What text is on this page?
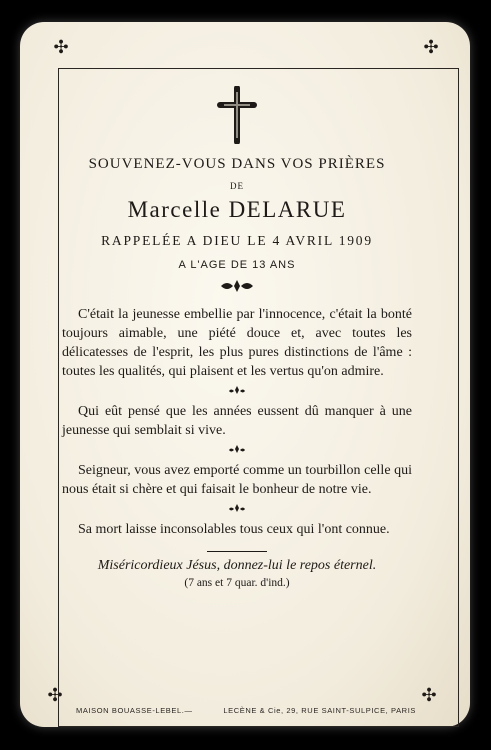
✣	✣
✣	✣
SOUVENEZ-VOUS DANS VOS PRIÈRES
DE
Marcelle DELARUE
RAPPELÉE A DIEU LE 4 AVRIL 1909
A L'AGE DE 13 ANS

C'était la jeunesse embellie par l'innocence, c'était la bonté toujours aimable, une piété douce et, avec toutes les délicatesses de l'esprit, les plus pures distinctions de l'âme : toutes les qualités, qui plaisent et les vertus qu'on admire.

Qui eût pensé que les années eussent dû manquer à une jeunesse qui semblait si vive.

Seigneur, vous avez emporté comme un tourbillon celle qui nous était si chère et qui faisait le bonheur de notre vie.

Sa mort laisse inconsolables tous ceux qui l'ont connue.

Miséricordieux Jésus, donnez-lui le repos éternel.
(7 ans et 7 quar. d'ind.)
MAISON BOUASSE-LEBEL.—	LECÈNE & Cie, 29, RUE SAINT-SULPICE, PARIS
